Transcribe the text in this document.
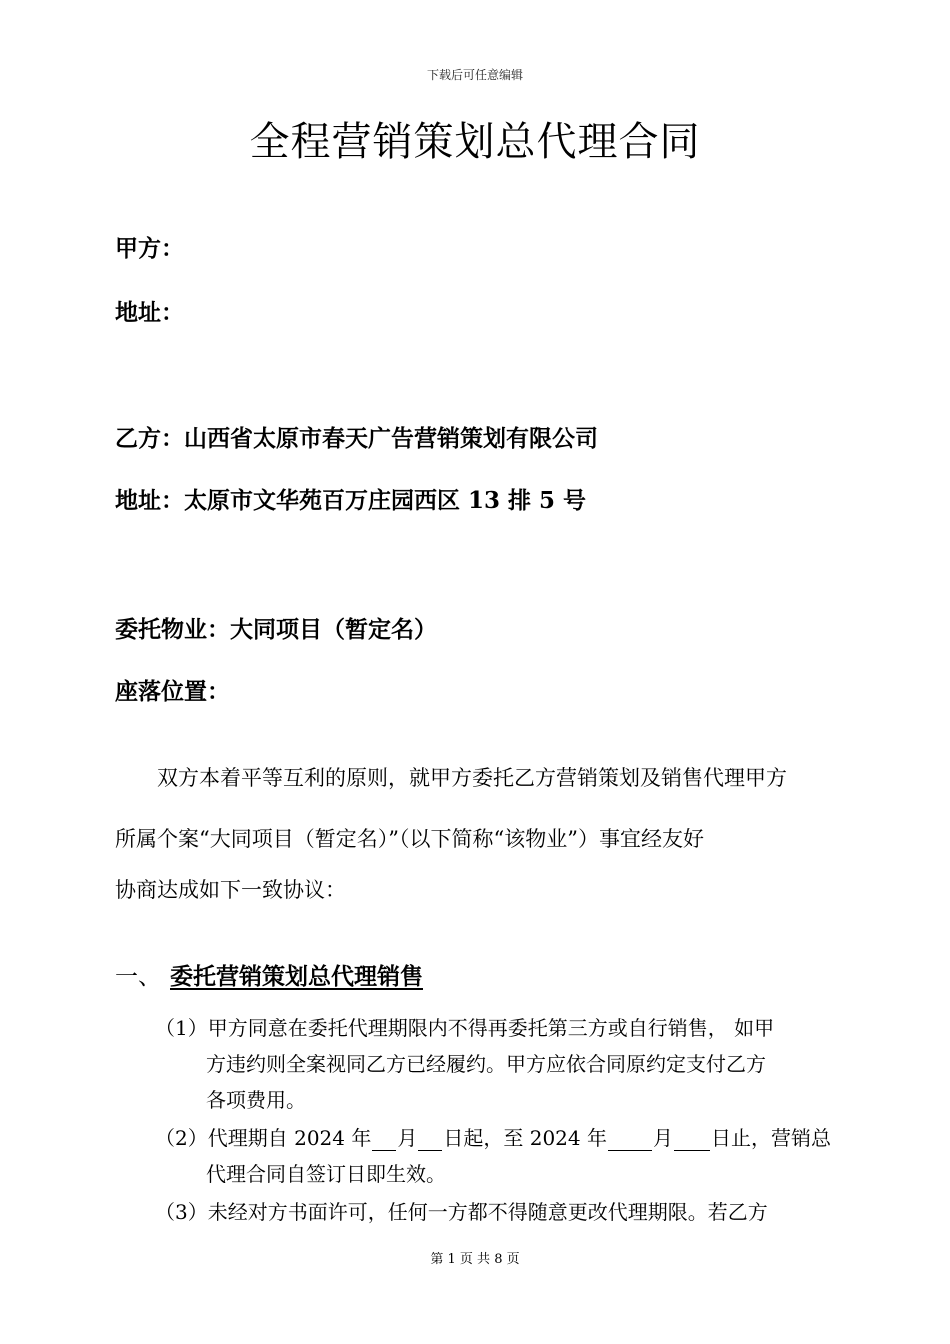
下载后可任意编辑
全程营销策划总代理合同
甲方：
地址：
乙方：山西省太原市春天广告营销策划有限公司
地址：太原市文华苑百万庄园西区 13 排 5 号
委托物业：大同项目（暂定名）
座落位置：
　　双方本着平等互利的原则，就甲方委托乙方营销策划及销售代理甲方
所属个案“大同项目（暂定名）”（以下简称“该物业”）事宜经友好
协商达成如下一致协议：
一、 委托营销策划总代理销售
（1）甲方同意在委托代理期限内不得再委托第三方或自行销售， 如甲
方违约则全案视同乙方已经履约。甲方应依合同原约定支付乙方
各项费用。
（2）代理期自 2024 年 月 日起，至 2024 年 月 日止，营销总
代理合同自签订日即生效。
（3）未经对方书面许可，任何一方都不得随意更改代理期限。若乙方
第 1 页 共 8 页
